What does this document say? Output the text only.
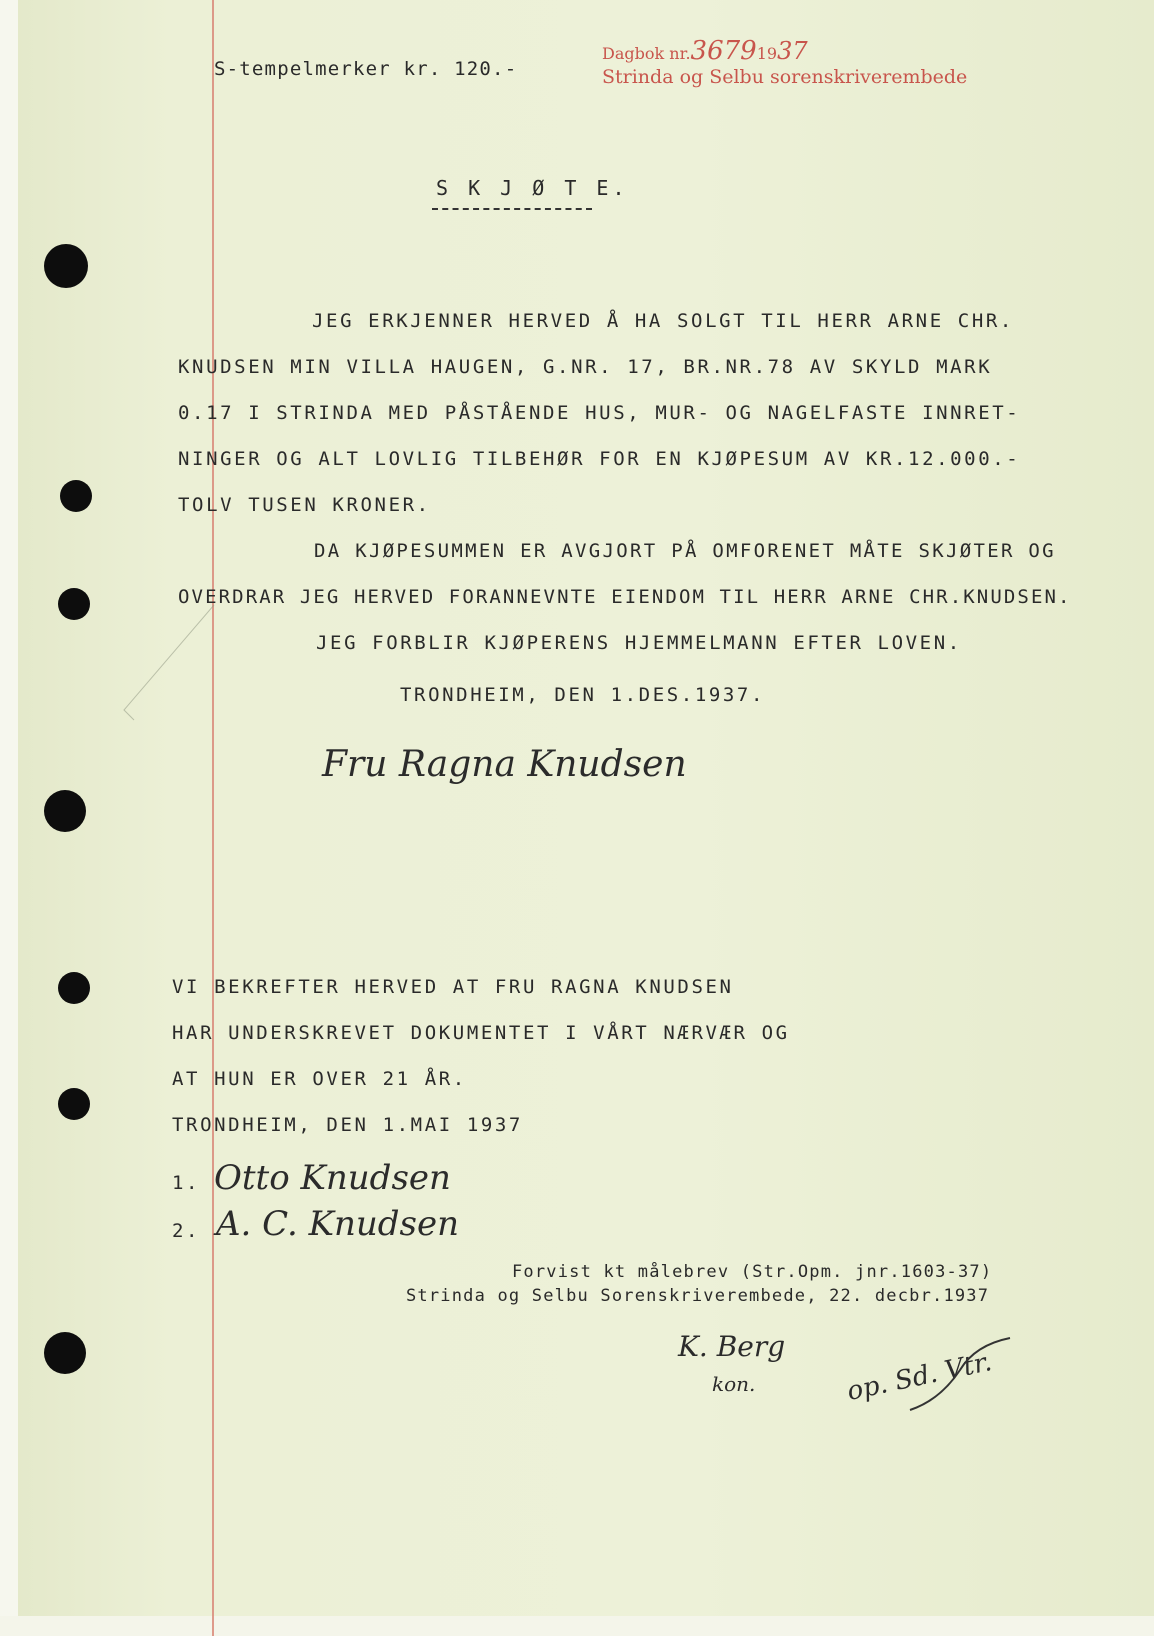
S-tempelmerker kr. 120.-
Dagbok nr.36791937
Strinda og Selbu sorenskriverembede
S K J Ø T E.
JEG ERKJENNER HERVED Å HA SOLGT TIL HERR ARNE CHR.
KNUDSEN MIN VILLA HAUGEN, G.NR. 17, BR.NR.78 AV SKYLD MARK
0.17 I STRINDA MED PÅSTÅENDE HUS, MUR- OG NAGELFASTE INNRET-
NINGER OG ALT LOVLIG TILBEHØR FOR EN KJØPESUM AV KR.12.000.-
TOLV TUSEN KRONER.
DA KJØPESUMMEN ER AVGJORT PÅ OMFORENET MÅTE SKJØTER OG
OVERDRAR JEG HERVED FORANNEVNTE EIENDOM TIL HERR ARNE CHR.KNUDSEN.
JEG FORBLIR KJØPERENS HJEMMELMANN EFTER LOVEN.
TRONDHEIM, DEN 1.DES.1937.
Fru Ragna Knudsen
VI BEKREFTER HERVED AT FRU RAGNA KNUDSEN
HAR UNDERSKREVET DOKUMENTET I VÅRT NÆRVÆR OG
AT HUN ER OVER 21 ÅR.
TRONDHEIM, DEN 1.MAI 1937
1. Otto Knudsen
2. A. C. Knudsen
Forvist kt målebrev (Str.Opm. jnr.1603-37)
Strinda og Selbu Sorenskriverembede, 22. decbr.1937
K. Berg
kon.	op. Sd. Vtr.
